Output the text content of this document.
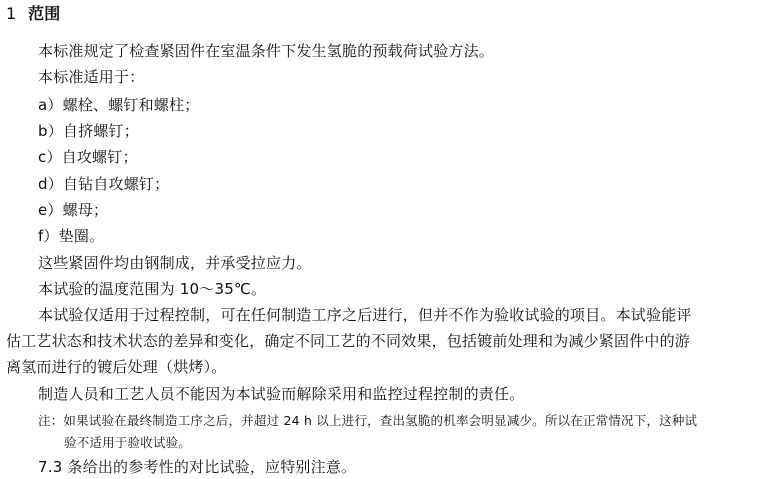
1 范围
本标准规定了检查紧固件在室温条件下发生氢脆的预载荷试验方法。
本标准适用于：
a）螺栓、螺钉和螺柱；
b）自挤螺钉；
c）自攻螺钉；
d）自钻自攻螺钉；
e）螺母；
f）垫圈。
这些紧固件均由钢制成，并承受拉应力。
本试验的温度范围为 10～35℃。
本试验仅适用于过程控制，可在任何制造工序之后进行，但并不作为验收试验的项目。本试验能评
估工艺状态和技术状态的差异和变化，确定不同工艺的不同效果，包括镀前处理和为减少紧固件中的游
离氢而进行的镀后处理（烘烤）。
制造人员和工艺人员不能因为本试验而解除采用和监控过程控制的责任。
注：如果试验在最终制造工序之后，并超过 24 h 以上进行，查出氢脆的机率会明显减少。所以在正常情况下，这种试
验不适用于验收试验。
7.3 条给出的参考性的对比试验，应特别注意。
